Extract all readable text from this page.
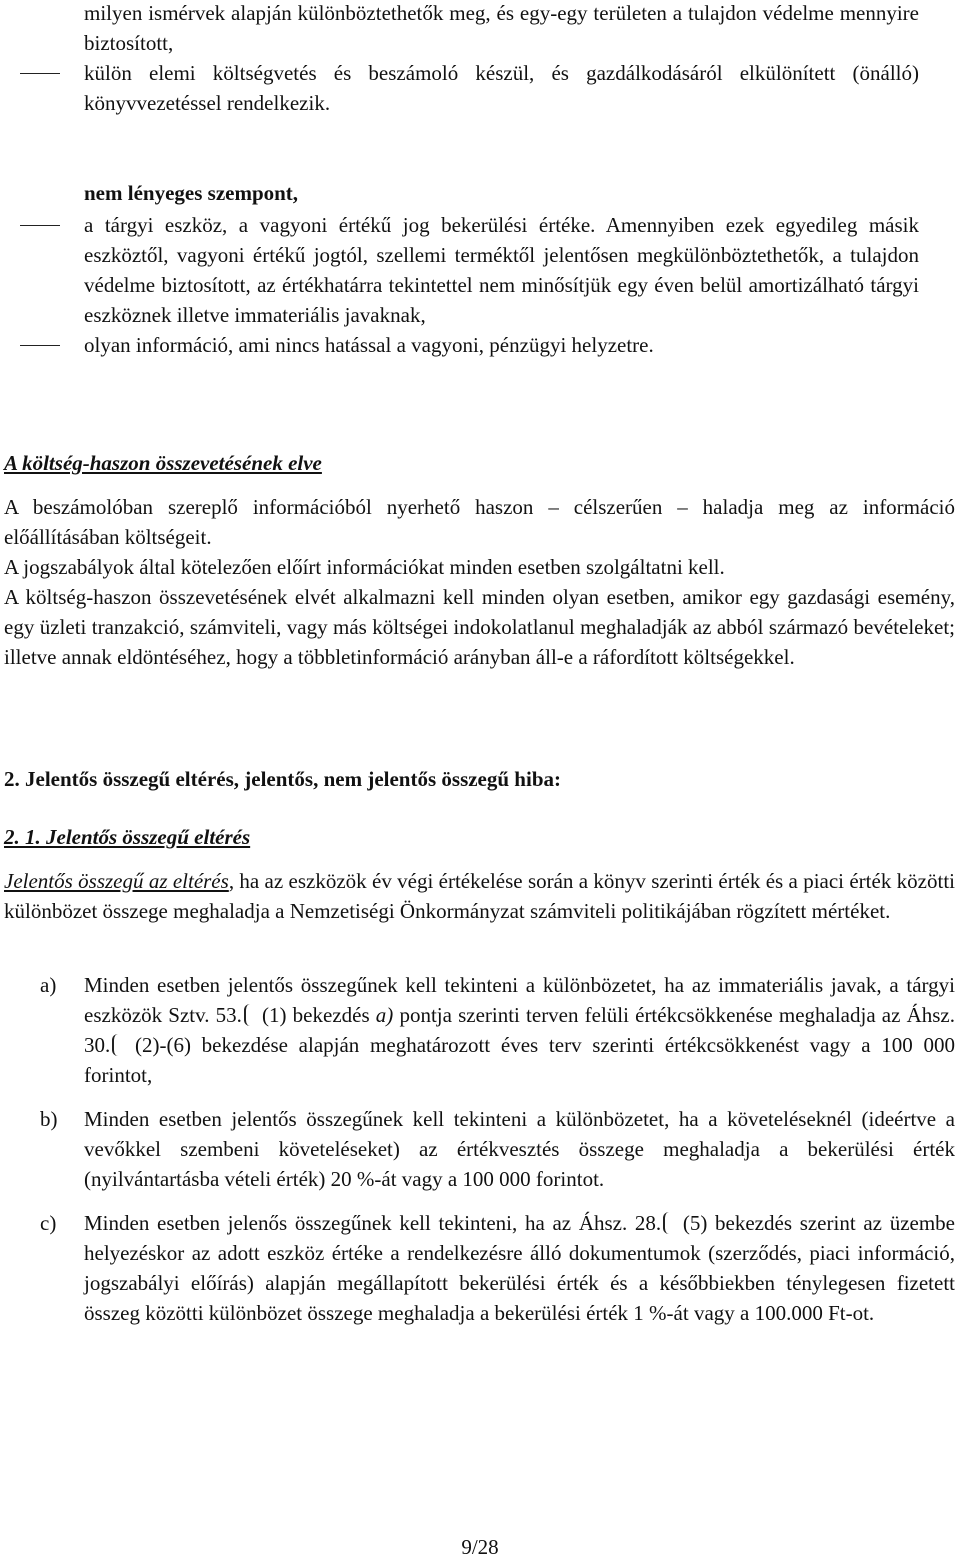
milyen ismérvek alapján különböztethetők meg, és egy-egy területen a tulajdon védelme mennyire biztosított,

külön elemi költségvetés és beszámoló készül, és gazdálkodásáról elkülönített (önálló) könyvvezetéssel rendelkezik.

nem lényeges szempont,

a tárgyi eszköz, a vagyoni értékű jog bekerülési értéke. Amennyiben ezek egyedileg másik eszköztől, vagyoni értékű jogtól, szellemi terméktől jelentősen megkülönböztethetők, a tulajdon védelme biztosított, az értékhatárra tekintettel nem minősítjük egy éven belül amortizálható tárgyi eszköznek illetve immateriális javaknak,

olyan információ, ami nincs hatással a vagyoni, pénzügyi helyzetre.

A költség-haszon összevetésének elve

A beszámolóban szereplő információból nyerhető haszon – célszerűen – haladja meg az információ előállításában költségeit.

A jogszabályok által kötelezően előírt információkat minden esetben szolgáltatni kell.

A költség-haszon összevetésének elvét alkalmazni kell minden olyan esetben, amikor egy gazdasági esemény, egy üzleti tranzakció, számviteli, vagy más költségei indokolatlanul meghaladják az abból származó bevételeket; illetve annak eldöntéséhez, hogy a többletinformáció arányban áll-e a ráfordított költségekkel.

2. Jelentős összegű eltérés, jelentős, nem jelentős összegű hiba:

2. 1. Jelentős összegű eltérés

Jelentős összegű az eltérés, ha az eszközök év végi értékelése során a könyv szerinti érték és a piaci érték közötti különbözet összege meghaladja a Nemzetiségi Önkormányzat számviteli politikájában rögzített mértéket.

a) Minden esetben jelentős összegűnek kell tekinteni a különbözetet, ha az immateriális javak, a tárgyi eszközök Sztv. 53. (1) bekezdés a) pontja szerinti terven felüli értékcsökkenése meghaladja az Áhsz. 30. (2)-(6) bekezdése alapján meghatározott éves terv szerinti értékcsökkenést vagy a 100 000 forintot,

b) Minden esetben jelentős összegűnek kell tekinteni a különbözetet, ha a követeléseknél (ideértve a vevőkkel szembeni követeléseket) az értékvesztés összege meghaladja a bekerülési érték (nyilvántartásba vételi érték) 20 %-át vagy a 100 000 forintot.

c) Minden esetben jelenős összegűnek kell tekinteni, ha az Áhsz. 28. (5) bekezdés szerint az üzembe helyezéskor az adott eszköz értéke a rendelkezésre álló dokumentumok (szerződés, piaci információ, jogszabályi előírás) alapján megállapított bekerülési érték és a későbbiekben ténylegesen fizetett összeg közötti különbözet összege meghaladja a bekerülési érték 1 %-át vagy a 100.000 Ft-ot.

9/28
